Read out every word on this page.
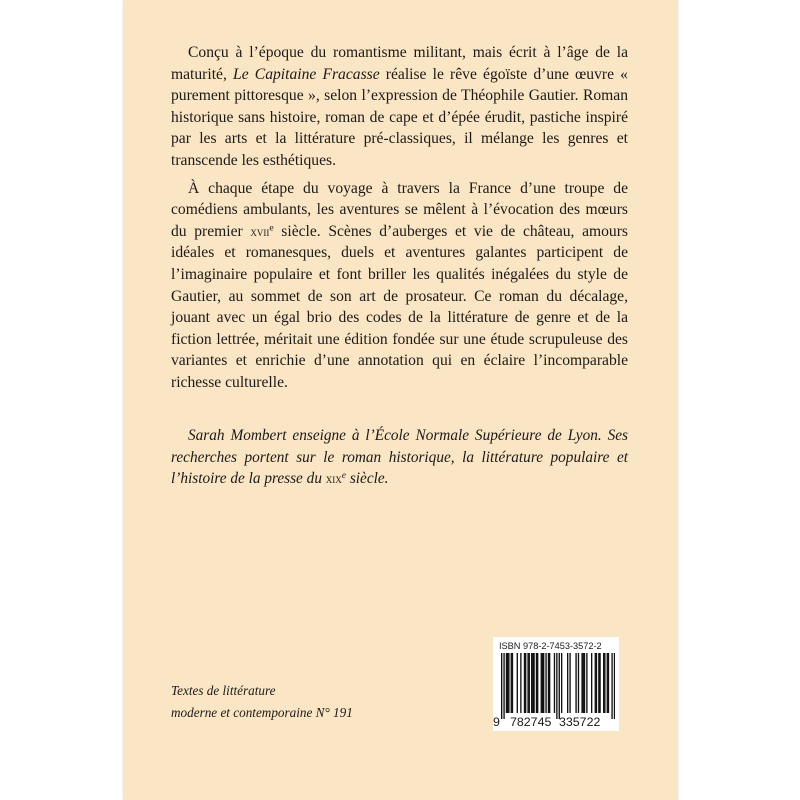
Conçu à l’époque du romantisme militant, mais écrit à l’âge de la maturité, Le Capitaine Fracasse réalise le rêve égoïste d’une œuvre « purement pittoresque », selon l’expression de Théophile Gautier. Roman historique sans histoire, roman de cape et d’épée érudit, pastiche inspiré par les arts et la littérature pré-classiques, il mélange les genres et transcende les esthétiques.

À chaque étape du voyage à travers la France d’une troupe de comédiens ambulants, les aventures se mêlent à l’évocation des mœurs du premier xvii$^e$ siècle. Scènes d’auberges et vie de château, amours idéales et romanesques, duels et aventures galantes participent de l’imaginaire populaire et font briller les qualités inégalées du style de Gautier, au sommet de son art de prosateur. Ce roman du décalage, jouant avec un égal brio des codes de la littérature de genre et de la fiction lettrée, méritait une édition fondée sur une étude scrupuleuse des variantes et enrichie d’une annotation qui en éclaire l’incomparable richesse culturelle.

Sarah Mombert enseigne à l’École Normale Supérieure de Lyon. Ses recherches portent sur le roman historique, la littérature populaire et l’histoire de la presse du xix$^e$ siècle.
Textes de littérature
moderne et contemporaine N° 191
ISBN 978-2-7453-3572-2
9 782745 335722
